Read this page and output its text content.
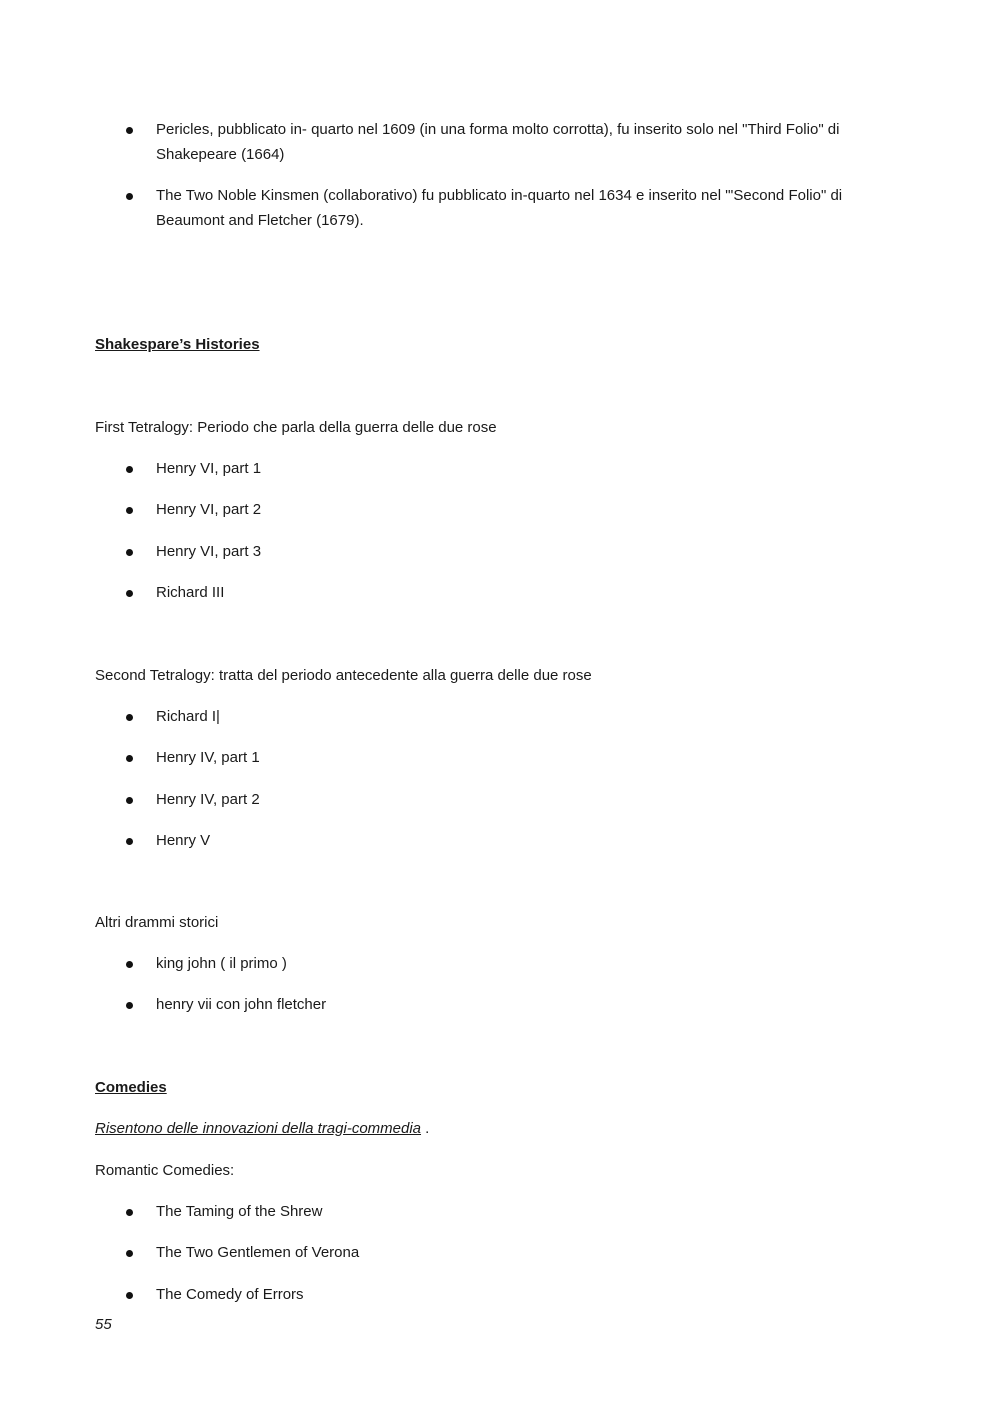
Pericles, pubblicato in- quarto nel 1609 (in una forma molto corrotta), fu inserito solo nel "Third Folio" di Shakepeare (1664)
The Two Noble Kinsmen (collaborativo) fu pubblicato in-quarto nel 1634 e inserito nel "'Second Folio" di Beaumont and Fletcher (1679).
Shakespare’s Histories
First Tetralogy: Periodo che parla della guerra delle due rose
Henry VI, part 1
Henry VI, part 2
Henry VI, part 3
Richard III
Second Tetralogy: tratta del periodo antecedente alla guerra delle due rose
Richard I|
Henry IV, part 1
Henry IV, part 2
Henry V
Altri drammi storici
king john ( il primo )
henry vii con john fletcher
Comedies
Risentono delle innovazioni della tragi-commedia .
Romantic Comedies:
The Taming of the Shrew
The Two Gentlemen of Verona
The Comedy of Errors
55
